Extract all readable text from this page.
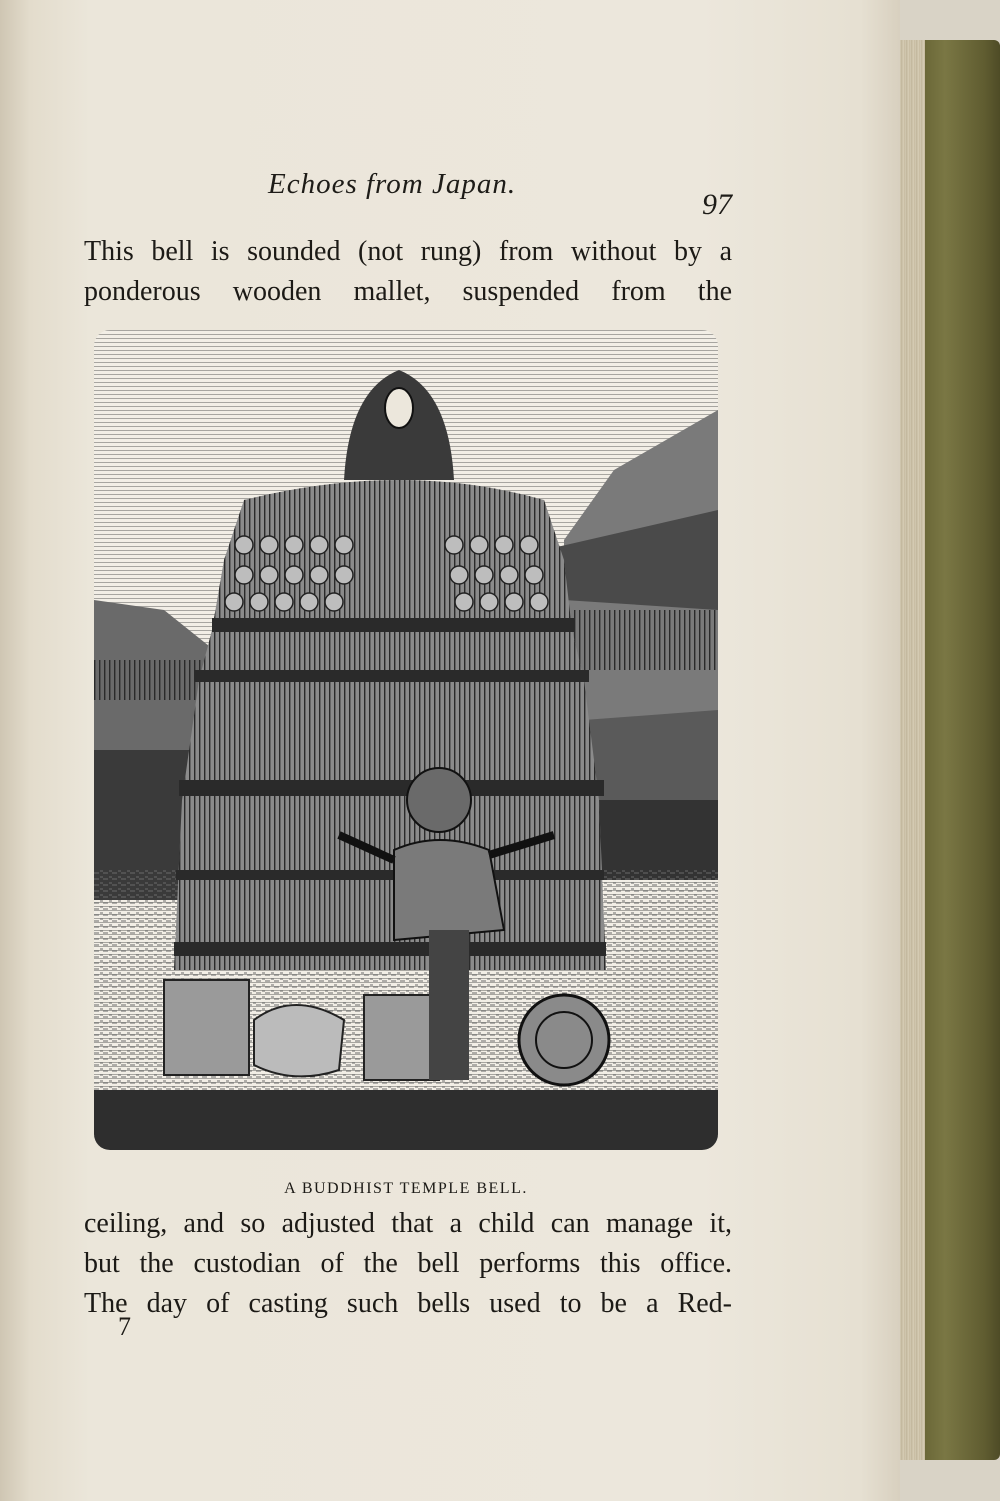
Echoes from Japan.
97
This bell is sounded (not rung) from without by a
ponderous wooden mallet, suspended from the
A BUDDHIST TEMPLE BELL.
ceiling, and so adjusted that a child can manage it,
but the custodian of the bell performs this office.
The day of casting such bells used to be a Red-
7
